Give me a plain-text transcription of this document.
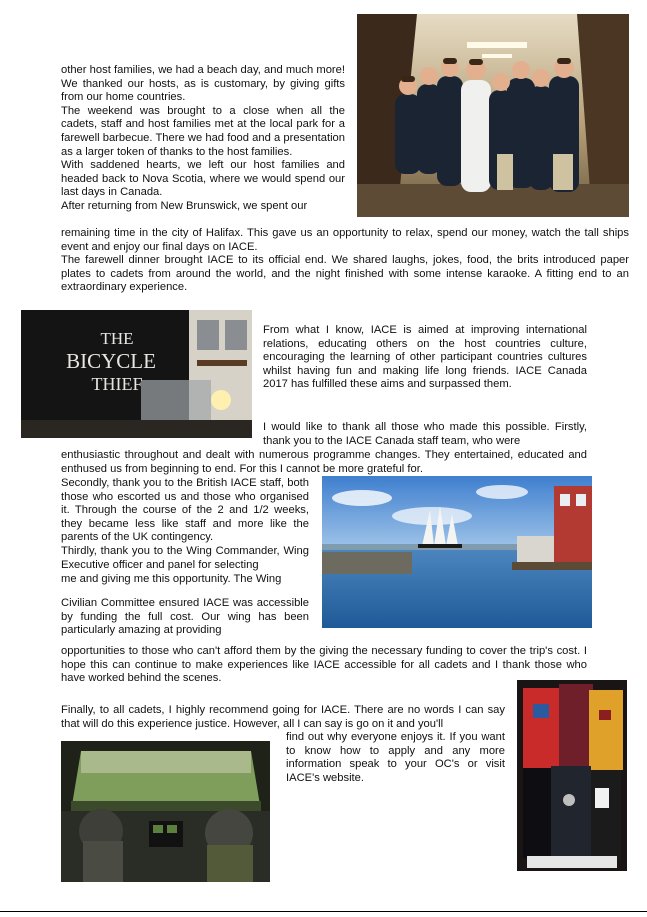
other host families, we had a beach day, and much more! We thanked our hosts, as is customary, by giving gifts from our home countries.

The weekend was brought to a close when all the cadets, staff and host families met at the local park for a farewell barbecue. There we had food and a presentation as a larger token of thanks to the host families.

With saddened hearts, we left our host families and headed back to Nova Scotia, where we would spend our last days in Canada.

After returning from New Brunswick, we spent our

remaining time in the city of Halifax. This gave us an opportunity to relax, spend our money, watch the tall ships event and enjoy our final days on IACE.

The farewell dinner brought IACE to its official end. We shared laughs, jokes, food, the brits introduced paper plates to cadets from around the world, and the night finished with some intense karaoke. A fitting end to an extraordinary experience.

THE
BICYCLE
THIEF

From what I know, IACE is aimed at improving international relations, educating others on the host countries culture, encouraging the learning of other participant countries cultures whilst having fun and making life long friends. IACE Canada 2017 has fulfilled these aims and surpassed them.

I would like to thank all those who made this possible. Firstly, thank you to the IACE Canada staff team, who were

enthusiastic throughout and dealt with numerous programme changes. They entertained, educated and enthused us from beginning to end. For this I cannot be more grateful for.

Secondly, thank you to the British IACE staff, both those who escorted us and those who organised it. Through the course of the 2 and 1/2 weeks, they became less like staff and more like the parents of the UK contingency.

Thirdly, thank you to the Wing Commander, Wing Executive officer and panel for selecting

me and giving me this opportunity. The Wing

Civilian Committee ensured IACE was accessible by funding the full cost. Our wing has been particularly amazing at providing

opportunities to those who can't afford them by the giving the necessary funding to cover the trip's cost. I hope this can continue to make experiences like IACE accessible for all cadets and I thank those who have worked behind the scenes.

Finally, to all cadets, I highly recommend going for IACE. There are no words I can say that will do this experience justice. However, all I can say is go on it and you'll

find out why everyone enjoys it. If you want to know how to apply and any more information speak to your OC's or visit IACE's website.
